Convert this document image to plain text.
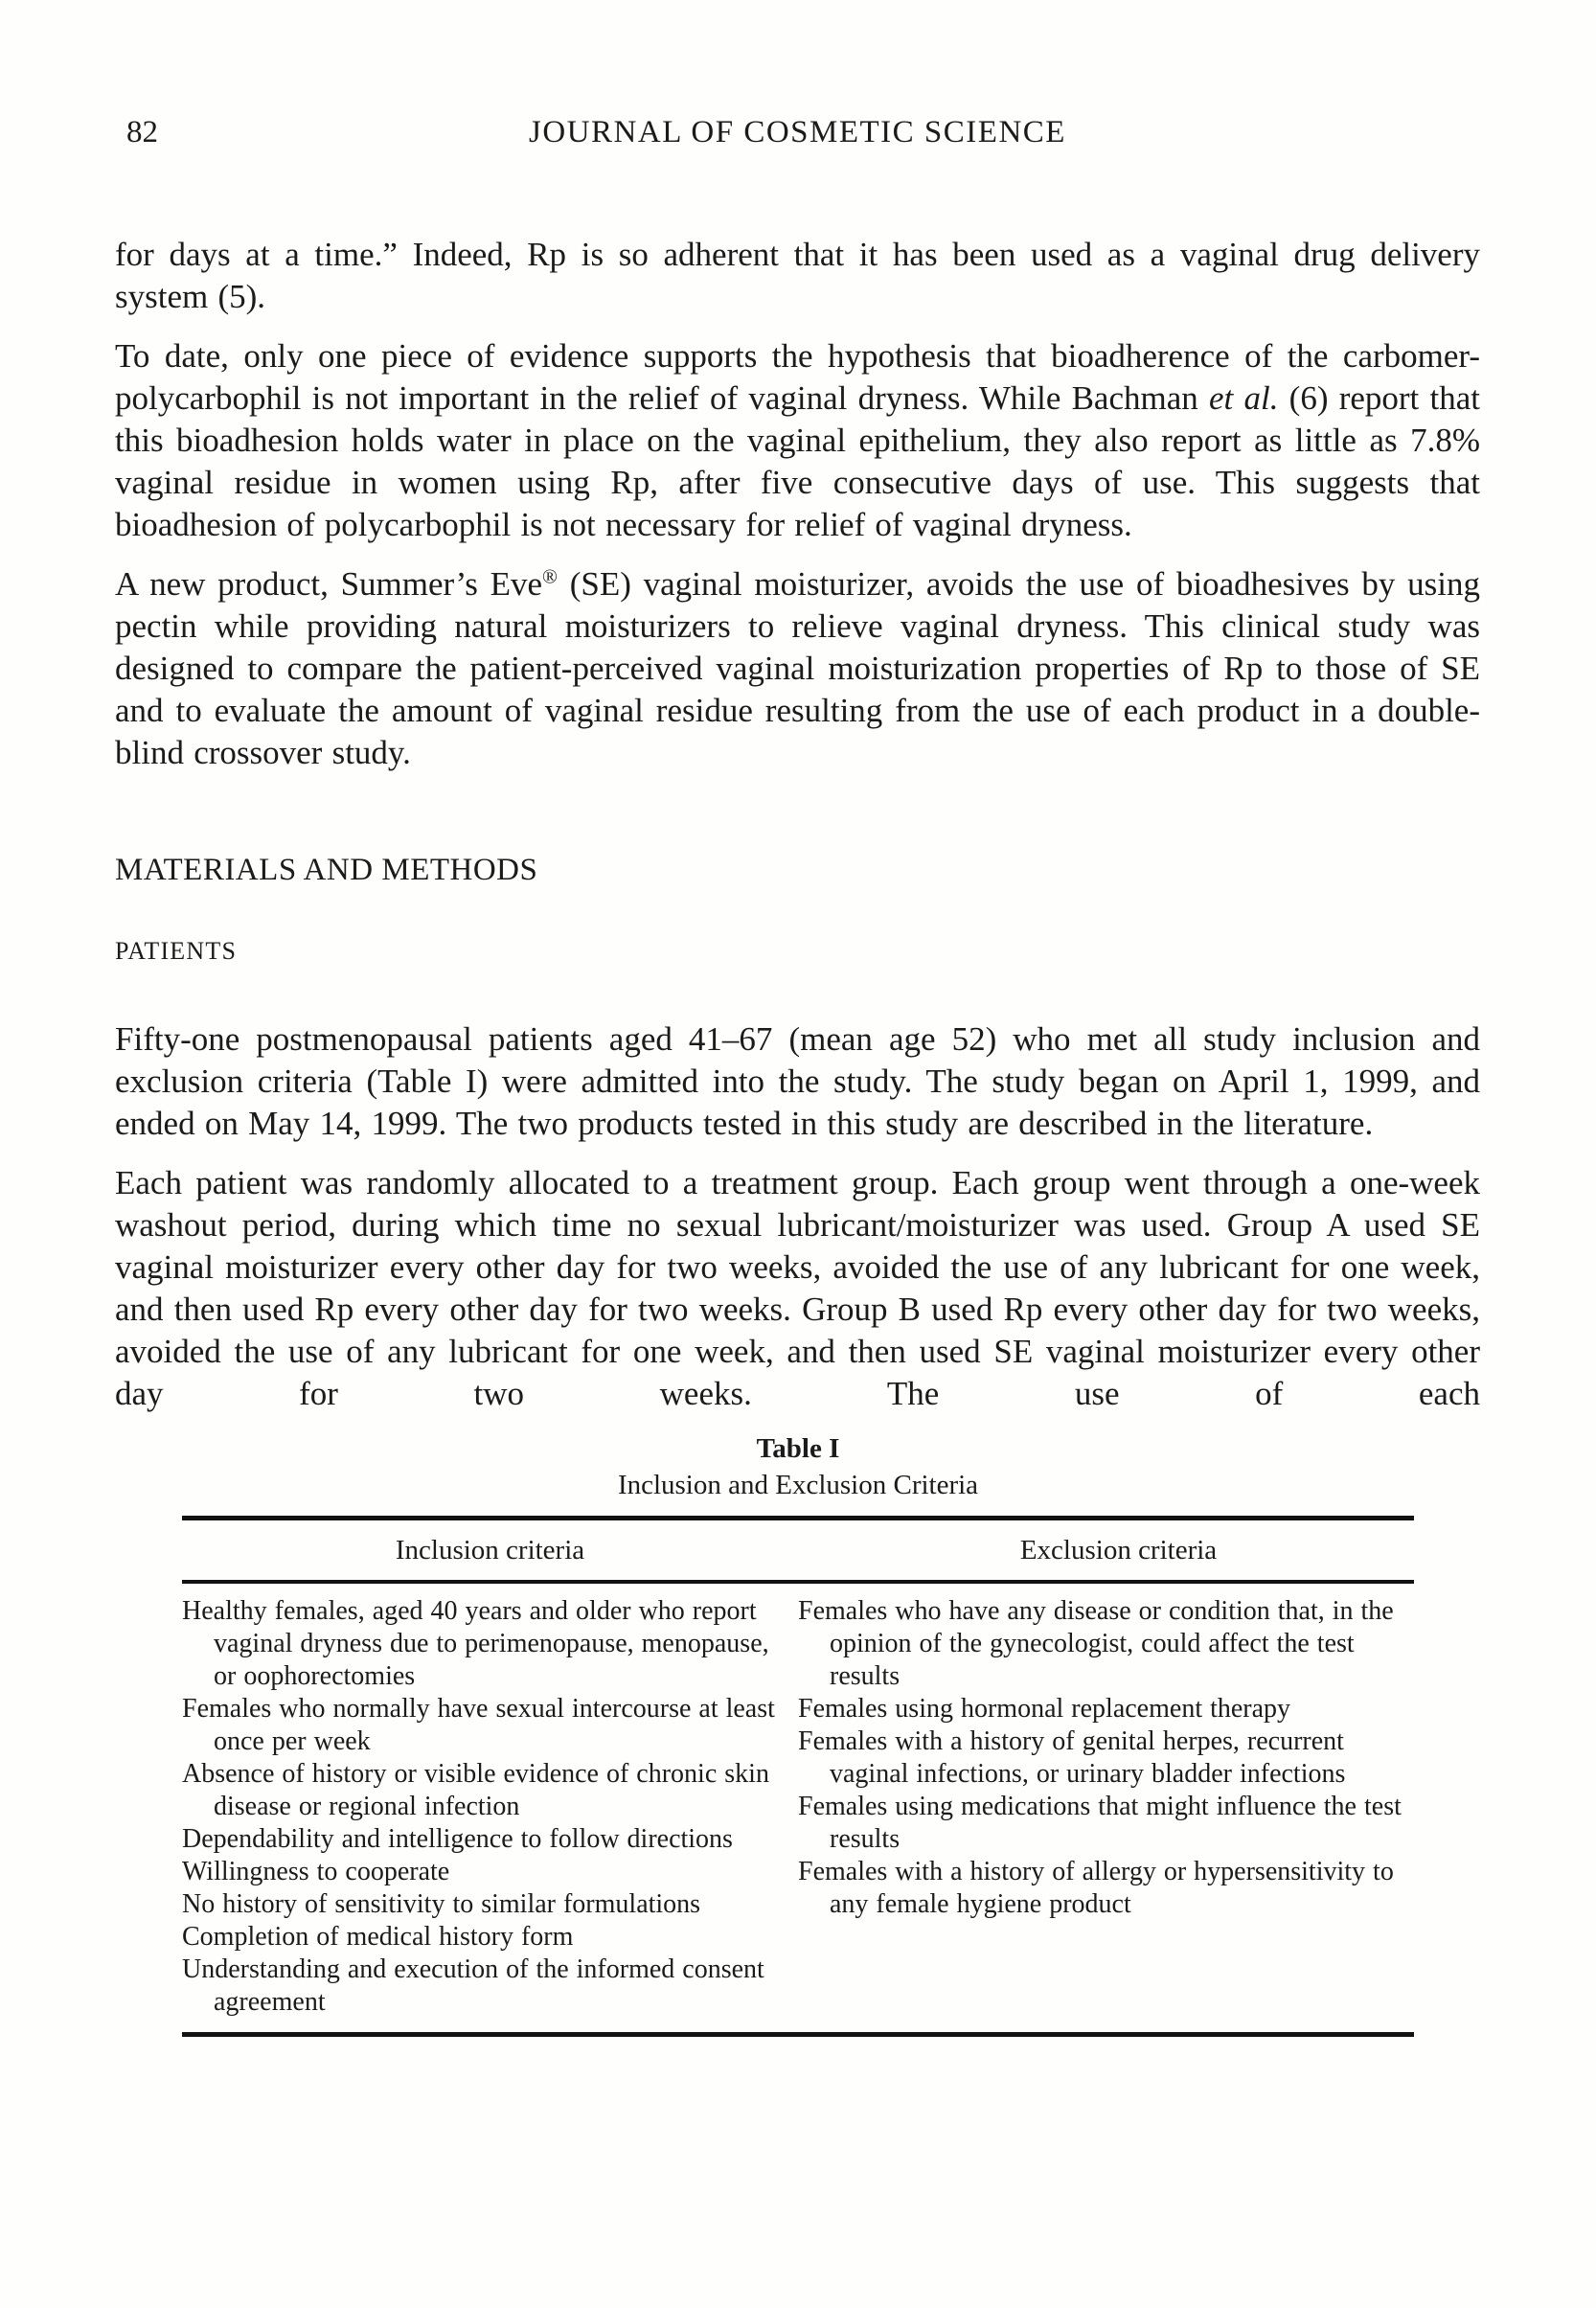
82	JOURNAL OF COSMETIC SCIENCE

for days at a time.” Indeed, Rp is so adherent that it has been used as a vaginal drug delivery system (5).

To date, only one piece of evidence supports the hypothesis that bioadherence of the carbomer-polycarbophil is not important in the relief of vaginal dryness. While Bachman et al. (6) report that this bioadhesion holds water in place on the vaginal epithelium, they also report as little as 7.8% vaginal residue in women using Rp, after five consecutive days of use. This suggests that bioadhesion of polycarbophil is not necessary for relief of vaginal dryness.

A new product, Summer’s Eve® (SE) vaginal moisturizer, avoids the use of bioadhesives by using pectin while providing natural moisturizers to relieve vaginal dryness. This clinical study was designed to compare the patient-perceived vaginal moisturization properties of Rp to those of SE and to evaluate the amount of vaginal residue resulting from the use of each product in a double-blind crossover study.

MATERIALS AND METHODS
PATIENTS

Fifty-one postmenopausal patients aged 41–67 (mean age 52) who met all study inclusion and exclusion criteria (Table I) were admitted into the study. The study began on April 1, 1999, and ended on May 14, 1999. The two products tested in this study are described in the literature.

Each patient was randomly allocated to a treatment group. Each group went through a one-week washout period, during which time no sexual lubricant/moisturizer was used. Group A used SE vaginal moisturizer every other day for two weeks, avoided the use of any lubricant for one week, and then used Rp every other day for two weeks. Group B used Rp every other day for two weeks, avoided the use of any lubricant for one week, and then used SE vaginal moisturizer every other day for two weeks. The use of each

Table I
Inclusion and Exclusion Criteria
Inclusion criteria	Exclusion criteria
Healthy females, aged 40 years and older who report vaginal dryness due to perimenopause, menopause, or oophorectomies
Females who normally have sexual intercourse at least once per week
Absence of history or visible evidence of chronic skin disease or regional infection
Dependability and intelligence to follow directions
Willingness to cooperate
No history of sensitivity to similar formulations
Completion of medical history form
Understanding and execution of the informed consent agreement
Females who have any disease or condition that, in the opinion of the gynecologist, could affect the test results
Females using hormonal replacement therapy
Females with a history of genital herpes, recurrent vaginal infections, or urinary bladder infections
Females using medications that might influence the test results
Females with a history of allergy or hypersensitivity to any female hygiene product
